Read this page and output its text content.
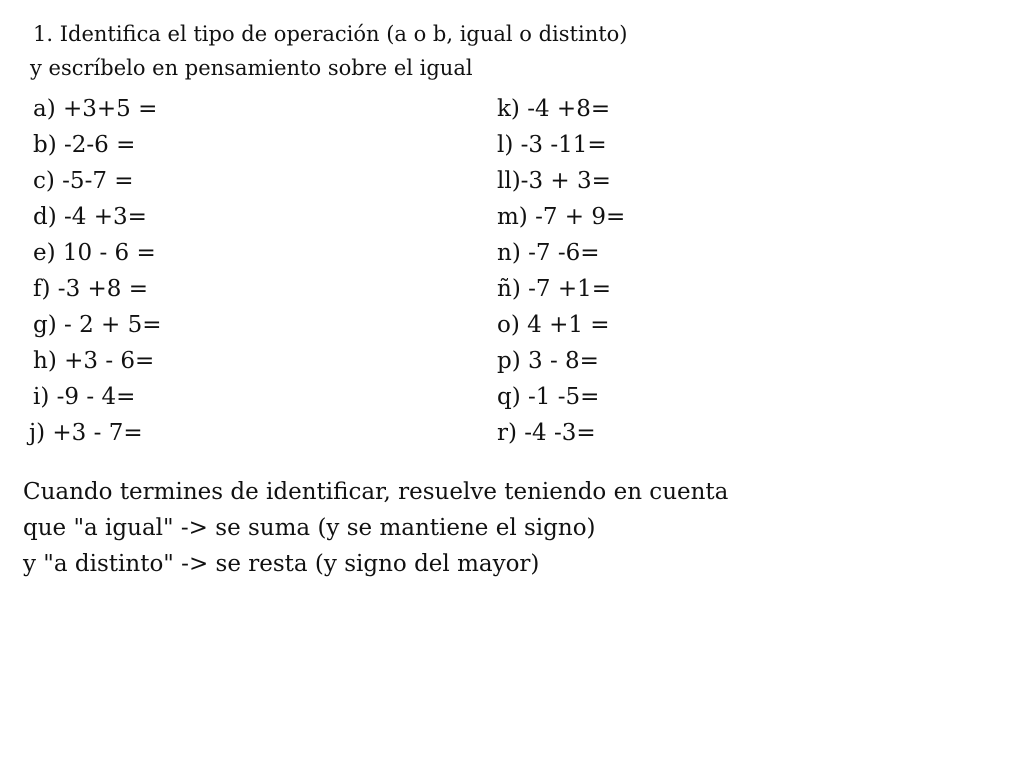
1. Identifica el tipo de operación (a o b, igual o distinto)
y escríbelo en pensamiento sobre el igual
a) +3+5 =
b) -2-6 =
c) -5-7 =
d) -4 +3=
e) 10 - 6 =
f) -3 +8 =
g) - 2 + 5=
h) +3 - 6=
i) -9 - 4=
j) +3 - 7=
k) -4 +8=
l) -3 -11=
ll)-3 + 3=
m) -7 + 9=
n) -7 -6=
ñ) -7 +1=
o) 4 +1 =
p) 3 - 8=
q) -1 -5=
r) -4 -3=
Cuando termines de identificar, resuelve teniendo en cuenta
que "a igual" -> se suma (y se mantiene el signo)
y "a distinto" -> se resta (y signo del mayor)
